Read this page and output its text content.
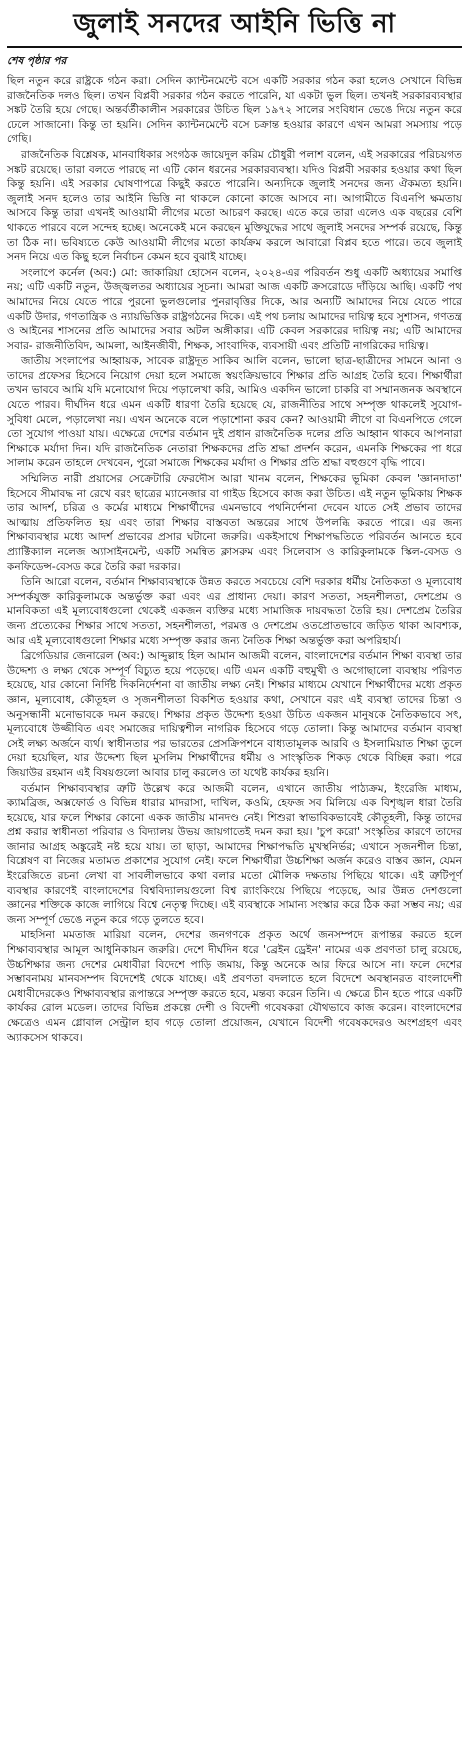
জুলাই সনদের আইনি ভিত্তি না
শেষ পৃষ্ঠার পর

ছিল নতুন করে রাষ্ট্রকে গঠন করা। সেদিন ক্যান্টনমেন্টে বসে একটি সরকার গঠন করা হলেও সেখানে বিভিন্ন রাজনৈতিক দলও ছিল। তখন বিপ্লবী সরকার গঠন করতে পারেনি, যা একটা ভুল ছিল। তখনই সরকারব্যবস্থার সঙ্কট তৈরি হয়ে গেছে। অন্তর্বর্তীকালীন সরকারের উচিত ছিল ১৯৭২ সালের সংবিধান ভেঙে দিয়ে নতুন করে ঢেলে সাজানো। কিন্তু তা হয়নি। সেদিন ক্যান্টনমেন্টে বসে চক্রান্ত হওয়ার কারণে এখন আমরা সমস্যায় পড়ে গেছি।

রাজনৈতিক বিশ্লেষক, মানবাধিকার সংগঠক জায়েদুল করিম চৌধুরী পলাশ বলেন, এই সরকারের পরিচয়গত সঙ্কট রয়েছে। তারা বলতে পারছে না এটি কোন ধরনের সরকারব্যবস্থা। যদিও বিপ্লবী সরকার হওয়ার কথা ছিল কিন্তু হয়নি। এই সরকার ঘোষণাপত্রে কিছুই করতে পারেনি। অন্যদিকে জুলাই সনদের জন্য ঐকমত্য হয়নি। জুলাই সনদ হলেও তার আইনি ভিত্তি না থাকলে কোনো কাজে আসবে না। আগামীতে বিএনপি ক্ষমতায় আসবে কিন্তু তারা এখনই আওয়ামী লীগের মতো আচরণ করছে। এতে করে তারা এলেও এক বছরের বেশি থাকতে পারবে বলে সন্দেহ হচ্ছে। অনেকেই মনে করছেন মুক্তিযুদ্ধের সাথে জুলাই সনদের সম্পর্ক রয়েছে, কিন্তু তা ঠিক না। ভবিষ্যতে কেউ আওয়ামী লীগের মতো কার্যক্রম করলে আবারো বিপ্লব হতে পারে। তবে জুলাই সনদ নিয়ে এত কিছু হলে নির্বাচন কেমন হবে বুঝাই যাচ্ছে।

সংলাপে কর্নেল (অব:) মো: জাকারিয়া হোসেন বলেন, ২০২৪-এর পরিবর্তন শুধু একটি অধ্যায়ের সমাপ্তি নয়; এটি একটি নতুন, উজ্জ্বলতর অধ্যায়ের সূচনা। আমরা আজ একটি ক্রসরোডে দাঁড়িয়ে আছি। একটি পথ আমাদের নিয়ে যেতে পারে পুরনো ভুলগুলোর পুনরাবৃত্তির দিকে, আর অন্যটি আমাদের নিয়ে যেতে পারে একটি উদার, গণতান্ত্রিক ও ন্যায়ভিত্তিক রাষ্ট্রগঠনের দিকে। এই পথ চলায় আমাদের দায়িত্ব হবে সুশাসন, গণতন্ত্র ও আইনের শাসনের প্রতি আমাদের সবার অটল অঙ্গীকার। এটি কেবল সরকারের দায়িত্ব নয়; এটি আমাদের সবার- রাজনীতিবিদ, আমলা, আইনজীবী, শিক্ষক, সাংবাদিক, ব্যবসায়ী এবং প্রতিটি নাগরিকের দায়িত্ব।

জাতীয় সংলাপের আহ্বায়ক, সাবেক রাষ্ট্রদূত সাকিব আলি বলেন, ভালো ছাত্র-ছাত্রীদের সামনে আনা ও তাদের প্রফেসর হিসেবে নিয়োগ দেয়া হলে সমাজে স্বয়ংক্রিয়ভাবে শিক্ষার প্রতি আগ্রহ তৈরি হবে। শিক্ষার্থীরা তখন ভাববে আমি যদি মনোযোগ দিয়ে পড়ালেখা করি, আমিও একদিন ভালো চাকরি বা সম্মানজনক অবস্থানে যেতে পারব। দীর্ঘদিন ধরে এমন একটি ধারণা তৈরি হয়েছে যে, রাজনীতির সাথে সম্পৃক্ত থাকলেই সুযোগ-সুবিধা মেলে, পড়ালেখা নয়। এখন অনেকে বলে পড়াশোনা করব কেন? আওয়ামী লীগে বা বিএনপিতে গেলে তো সুযোগ পাওয়া যায়। এক্ষেত্রে দেশের বর্তমান দুই প্রধান রাজনৈতিক দলের প্রতি আহ্বান থাকবে আপনারা শিক্ষাকে মর্যাদা দিন। যদি রাজনৈতিক নেতারা শিক্ষকদের প্রতি শ্রদ্ধা প্রদর্শন করেন, এমনকি শিক্ষকের পা ধরে সালাম করেন তাহলে দেখবেন, পুরো সমাজে শিক্ষকের মর্যাদা ও শিক্ষার প্রতি শ্রদ্ধা বহুগুণে বৃদ্ধি পাবে।

সম্মিলিত নারী প্রয়াসের সেক্রেটারি ফেরদৌস আরা খানম বলেন, শিক্ষকের ভূমিকা কেবল 'জ্ঞানদাতা' হিসেবে সীমাবদ্ধ না রেখে বরং ছাত্রের ম্যানেজার বা গাইড হিসেবে কাজ করা উচিত। এই নতুন ভূমিকায় শিক্ষক তার আদর্শ, চরিত্র ও কর্মের মাধ্যমে শিক্ষার্থীদের এমনভাবে পথনির্দেশনা দেবেন যাতে সেই প্রভাব তাদের আত্মায় প্রতিফলিত হয় এবং তারা শিক্ষার বাস্তবতা অন্তরের সাথে উপলব্ধি করতে পারে। এর জন্য শিক্ষাব্যবস্থার মধ্যে আদর্শ প্রভাবের প্রসার ঘটানো জরুরি। একইসাথে শিক্ষাপদ্ধতিতে পরিবর্তন আনতে হবে প্র্যাক্টিক্যাল নলেজ অ্যাসাইনমেন্ট, একটি সমন্বিত ক্লাসরুম এবং সিলেবাস ও কারিকুলামকে স্কিল-বেসড ও কনফিডেন্স-বেসড করে তৈরি করা দরকার।

তিনি আরো বলেন, বর্তমান শিক্ষাব্যবস্থাকে উন্নত করতে সবচেয়ে বেশি দরকার ধর্মীয় নৈতিকতা ও মূল্যবোধ সম্পর্কযুক্ত কারিকুলামকে অন্তর্ভুক্ত করা এবং এর প্রাধান্য দেয়া। কারণ সততা, সহনশীলতা, দেশপ্রেম ও মানবিকতা এই মূল্যবোধগুলো থেকেই একজন ব্যক্তির মধ্যে সামাজিক দায়বদ্ধতা তৈরি হয়। দেশপ্রেম তৈরির জন্য প্রত্যেকের শিক্ষার সাথে সততা, সহনশীলতা, পরমত্ত ও দেশপ্রেম ওতপ্রোতভাবে জড়িত থাকা আবশ্যক, আর এই মূল্যবোধগুলো শিক্ষার মধ্যে সম্পৃক্ত করার জন্য নৈতিক শিক্ষা অন্তর্ভুক্ত করা অপরিহার্য।

ব্রিগেডিয়ার জেনারেল (অব:) আব্দুল্লাহ হিল আমান আজমী বলেন, বাংলাদেশের বর্তমান শিক্ষা ব্যবস্থা তার উদ্দেশ্য ও লক্ষ্য থেকে সম্পূর্ণ বিচ্যুত হয়ে পড়েছে। এটি এমন একটি বহুমুখী ও অগোছালো ব্যবস্থায় পরিণত হয়েছে, যার কোনো নির্দিষ্ট দিকনির্দেশনা বা জাতীয় লক্ষ্য নেই। শিক্ষার মাধ্যমে যেখানে শিক্ষার্থীদের মধ্যে প্রকৃত জ্ঞান, মূল্যবোধ, কৌতূহল ও সৃজনশীলতা বিকশিত হওয়ার কথা, সেখানে বরং এই ব্যবস্থা তাদের চিন্তা ও অনুসন্ধানী মনোভাবকে দমন করছে। শিক্ষার প্রকৃত উদ্দেশ্য হওয়া উচিত একজন মানুষকে নৈতিকভাবে সৎ, মূল্যবোধে উজ্জীবিত এবং সমাজের দায়িত্বশীল নাগরিক হিসেবে গড়ে তোলা। কিন্তু আমাদের বর্তমান ব্যবস্থা সেই লক্ষ্য অর্জনে ব্যর্থ। স্বাধীনতার পর ভারতের প্রেসক্রিপশনে বাধ্যতামূলক আরবি ও ইসলামিয়াত শিক্ষা তুলে দেয়া হয়েছিল, যার উদ্দেশ্য ছিল মুসলিম শিক্ষার্থীদের ধর্মীয় ও সাংস্কৃতিক শিকড় থেকে বিচ্ছিন্ন করা। পরে জিয়াউর রহমান এই বিষয়গুলো আবার চালু করলেও তা যথেষ্ট কার্যকর হয়নি।

বর্তমান শিক্ষাব্যবস্থার ত্রুটি উল্লেখ করে আজমী বলেন, এখানে জাতীয় পাঠ্যক্রম, ইংরেজি মাধ্যম, ক্যামব্রিজ, অক্সফোর্ড ও বিভিন্ন ধারার মাদরাসা, দাখিল, কওমি, হেফজ সব মিলিয়ে এক বিশৃঙ্খল ধারা তৈরি হয়েছে, যার ফলে শিক্ষার কোনো একক জাতীয় মানদণ্ড নেই। শিশুরা স্বাভাবিকভাবেই কৌতূহলী, কিন্তু তাদের প্রশ্ন করার স্বাধীনতা পরিবার ও বিদ্যালয় উভয় জায়গাতেই দমন করা হয়। 'চুপ করো' সংস্কৃতির কারণে তাদের জানার আগ্রহ অঙ্কুরেই নষ্ট হয়ে যায়। তা ছাড়া, আমাদের শিক্ষাপদ্ধতি মুখস্থনির্ভর; এখানে সৃজনশীল চিন্তা, বিশ্লেষণ বা নিজের মতামত প্রকাশের সুযোগ নেই। ফলে শিক্ষার্থীরা উচ্চশিক্ষা অর্জন করেও বাস্তব জ্ঞান, যেমন ইংরেজিতে রচনা লেখা বা সাবলীলভাবে কথা বলার মতো মৌলিক দক্ষতায় পিছিয়ে থাকে। এই ত্রুটিপূর্ণ ব্যবস্থার কারণেই বাংলাদেশের বিশ্ববিদ্যালয়গুলো বিশ্ব র‍্যাংকিংয়ে পিছিয়ে পড়েছে, আর উন্নত দেশগুলো জ্ঞানের শক্তিকে কাজে লাগিয়ে বিশ্বে নেতৃত্ব দিচ্ছে। এই ব্যবস্থাকে সামান্য সংস্কার করে ঠিক করা সম্ভব নয়; এর জন্য সম্পূর্ণ ভেঙে নতুন করে গড়ে তুলতে হবে।

মাহসিনা মমতাজ মারিয়া বলেন, দেশের জনগণকে প্রকৃত অর্থে জনসম্পদে রূপান্তর করতে হলে শিক্ষাব্যবস্থার আমূল আধুনিকায়ন জরুরি। দেশে দীর্ঘদিন ধরে 'ব্রেইন ড্রেইন' নামের এক প্রবণতা চালু রয়েছে, উচ্চশিক্ষার জন্য দেশের মেধাবীরা বিদেশে পাড়ি জমায়, কিন্তু অনেকে আর ফিরে আসে না। ফলে দেশের সম্ভাবনাময় মানবসম্পদ বিদেশেই থেকে যাচ্ছে। এই প্রবণতা বদলাতে হলে বিদেশে অবস্থানরত বাংলাদেশী মেধাবীদেরকেও শিক্ষাব্যবস্থার রূপান্তরে সম্পৃক্ত করতে হবে, মন্তব্য করেন তিনি। এ ক্ষেত্রে চীন হতে পারে একটি কার্যকর রোল মডেল। তাদের বিভিন্ন প্রকল্পে দেশী ও বিদেশী গবেষকরা যৌথভাবে কাজ করেন। বাংলাদেশের ক্ষেত্রেও এমন গ্লোবাল সেন্ট্রাল হাব গড়ে তোলা প্রয়োজন, যেখানে বিদেশী গবেষকদেরও অংশগ্রহণ এবং অ্যাকসেস থাকবে।
